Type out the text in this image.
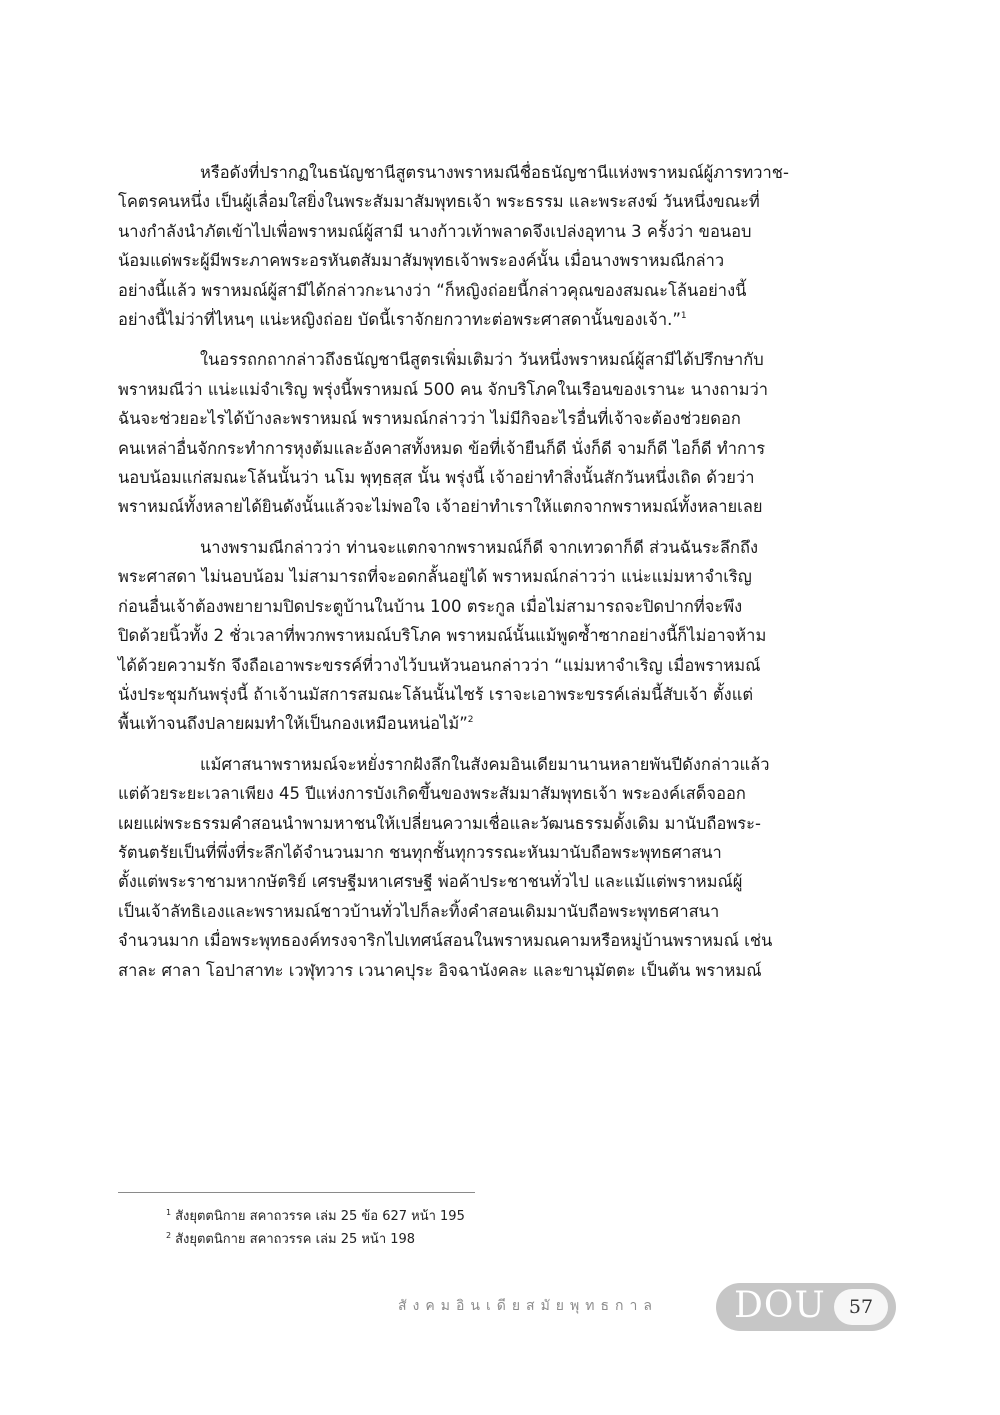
หรือดังที่ปรากฏในธนัญชานีสูตรนางพราหมณีชื่อธนัญชานีแห่งพราหมณ์ผู้ภารทวาช-
โคตรคนหนึ่ง เป็นผู้เลื่อมใสยิ่งในพระสัมมาสัมพุทธเจ้า พระธรรม และพระสงฆ์ วันหนึ่งขณะที่
นางกำลังนำภัตเข้าไปเพื่อพราหมณ์ผู้สามี นางก้าวเท้าพลาดจึงเปล่งอุทาน 3 ครั้งว่า ขอนอบ
น้อมแด่พระผู้มีพระภาคพระอรหันตสัมมาสัมพุทธเจ้าพระองค์นั้น เมื่อนางพราหมณีกล่าว
อย่างนี้แล้ว พราหมณ์ผู้สามีได้กล่าวกะนางว่า “ก็หญิงถ่อยนี้กล่าวคุณของสมณะโล้นอย่างนี้
อย่างนี้ไม่ว่าที่ไหนๆ แน่ะหญิงถ่อย บัดนี้เราจักยกวาทะต่อพระศาสดานั้นของเจ้า.”$^1$

ในอรรถกถากล่าวถึงธนัญชานีสูตรเพิ่มเติมว่า วันหนึ่งพราหมณ์ผู้สามีได้ปรึกษากับ
พราหมณีว่า แน่ะแม่จำเริญ พรุ่งนี้พราหมณ์ 500 คน จักบริโภคในเรือนของเรานะ นางถามว่า
ฉันจะช่วยอะไรได้บ้างละพราหมณ์ พราหมณ์กล่าวว่า ไม่มีกิจอะไรอื่นที่เจ้าจะต้องช่วยดอก
คนเหล่าอื่นจักกระทำการหุงต้มและอังคาสทั้งหมด ข้อที่เจ้ายืนก็ดี นั่งก็ดี จามก็ดี ไอก็ดี ทำการ
นอบน้อมแก่สมณะโล้นนั้นว่า นโม พุทฺธสฺส นั้น พรุ่งนี้ เจ้าอย่าทำสิ่งนั้นสักวันหนึ่งเถิด ด้วยว่า
พราหมณ์ทั้งหลายได้ยินดังนั้นแล้วจะไม่พอใจ เจ้าอย่าทำเราให้แตกจากพราหมณ์ทั้งหลายเลย

นางพรามณีกล่าวว่า ท่านจะแตกจากพราหมณ์ก็ดี จากเทวดาก็ดี ส่วนฉันระลึกถึง
พระศาสดา ไม่นอบน้อม ไม่สามารถที่จะอดกลั้นอยู่ได้ พราหมณ์กล่าวว่า แน่ะแม่มหาจำเริญ
ก่อนอื่นเจ้าต้องพยายามปิดประตูบ้านในบ้าน 100 ตระกูล เมื่อไม่สามารถจะปิดปากที่จะพึง
ปิดด้วยนิ้วทั้ง 2 ชั่วเวลาที่พวกพราหมณ์บริโภค พราหมณ์นั้นแม้พูดซ้ำซากอย่างนี้ก็ไม่อาจห้าม
ได้ด้วยความรัก จึงถือเอาพระขรรค์ที่วางไว้บนหัวนอนกล่าวว่า “แม่มหาจำเริญ เมื่อพราหมณ์
นั่งประชุมกันพรุ่งนี้ ถ้าเจ้านมัสการสมณะโล้นนั้นไซร้ เราจะเอาพระขรรค์เล่มนี้สับเจ้า ตั้งแต่
พื้นเท้าจนถึงปลายผมทำให้เป็นกองเหมือนหน่อไม้”$^2$

แม้ศาสนาพราหมณ์จะหยั่งรากฝังลึกในสังคมอินเดียมานานหลายพันปีดังกล่าวแล้ว
แต่ด้วยระยะเวลาเพียง 45 ปีแห่งการบังเกิดขึ้นของพระสัมมาสัมพุทธเจ้า พระองค์เสด็จออก
เผยแผ่พระธรรมคำสอนนำพามหาชนให้เปลี่ยนความเชื่อและวัฒนธรรมดั้งเดิม มานับถือพระ-
รัตนตรัยเป็นที่พึ่งที่ระลึกได้จำนวนมาก ชนทุกชั้นทุกวรรณะหันมานับถือพระพุทธศาสนา
ตั้งแต่พระราชามหากษัตริย์ เศรษฐีมหาเศรษฐี พ่อค้าประชาชนทั่วไป และแม้แต่พราหมณ์ผู้
เป็นเจ้าลัทธิเองและพราหมณ์ชาวบ้านทั่วไปก็ละทิ้งคำสอนเดิมมานับถือพระพุทธศาสนา
จำนวนมาก เมื่อพระพุทธองค์ทรงจาริกไปเทศน์สอนในพราหมณคามหรือหมู่บ้านพราหมณ์ เช่น
สาละ ศาลา โอปาสาทะ เวฬุทวาร เวนาคปุระ อิจฉานังคละ และขานุมัตตะ เป็นต้น พราหมณ์

$^1$ สังยุตตนิกาย สคาถวรรค เล่ม 25 ข้อ 627 หน้า 195
$^2$ สังยุตตนิกาย สคาถวรรค เล่ม 25 หน้า 198
สังคมอินเดียสมัยพุทธกาล DOU	57
